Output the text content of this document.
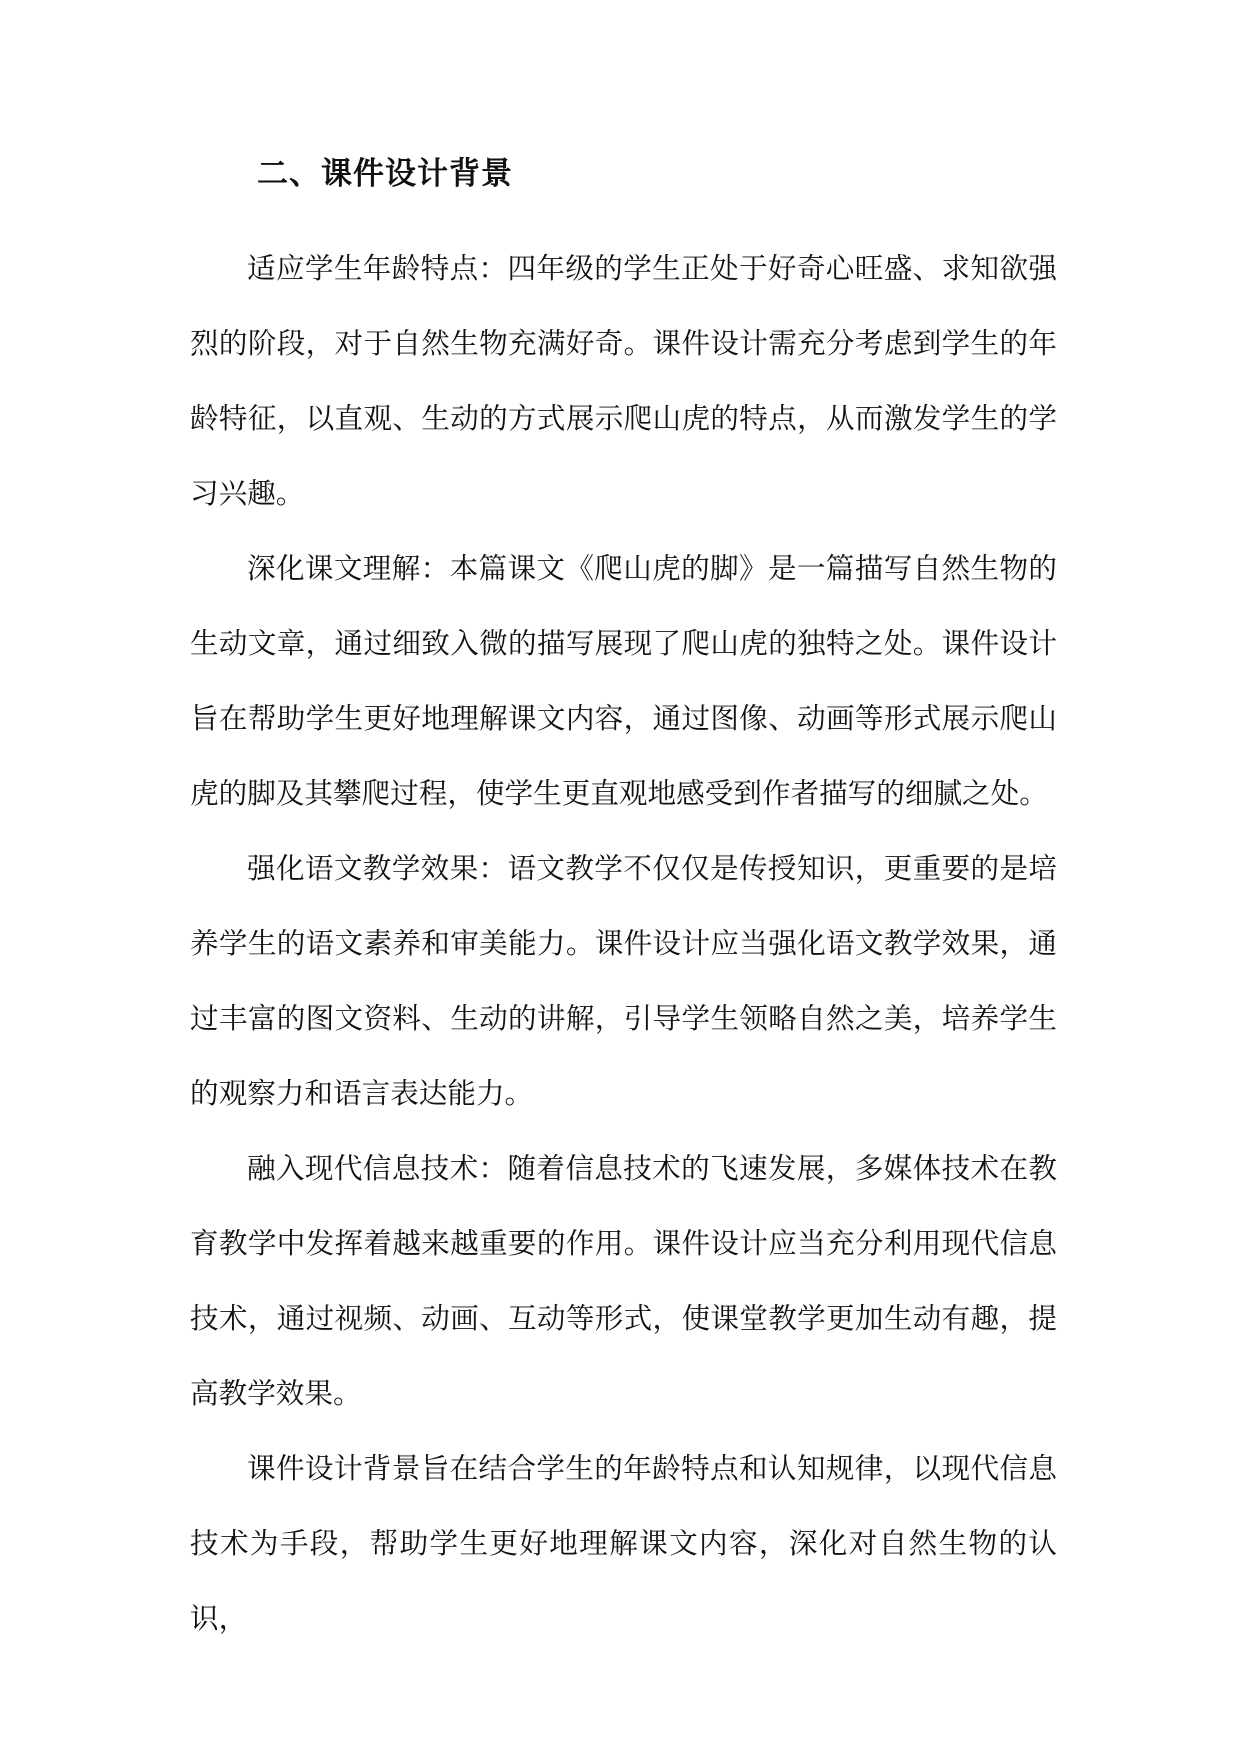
二、课件设计背景

适应学生年龄特点：四年级的学生正处于好奇心旺盛、求知欲强烈的阶段，对于自然生物充满好奇。课件设计需充分考虑到学生的年龄特征，以直观、生动的方式展示爬山虎的特点，从而激发学生的学习兴趣。

深化课文理解：本篇课文《爬山虎的脚》是一篇描写自然生物的生动文章，通过细致入微的描写展现了爬山虎的独特之处。课件设计旨在帮助学生更好地理解课文内容，通过图像、动画等形式展示爬山虎的脚及其攀爬过程，使学生更直观地感受到作者描写的细腻之处。

强化语文教学效果：语文教学不仅仅是传授知识，更重要的是培养学生的语文素养和审美能力。课件设计应当强化语文教学效果，通过丰富的图文资料、生动的讲解，引导学生领略自然之美，培养学生的观察力和语言表达能力。

融入现代信息技术：随着信息技术的飞速发展，多媒体技术在教育教学中发挥着越来越重要的作用。课件设计应当充分利用现代信息技术，通过视频、动画、互动等形式，使课堂教学更加生动有趣，提高教学效果。

课件设计背景旨在结合学生的年龄特点和认知规律，以现代信息技术为手段，帮助学生更好地理解课文内容，深化对自然生物的认识，
